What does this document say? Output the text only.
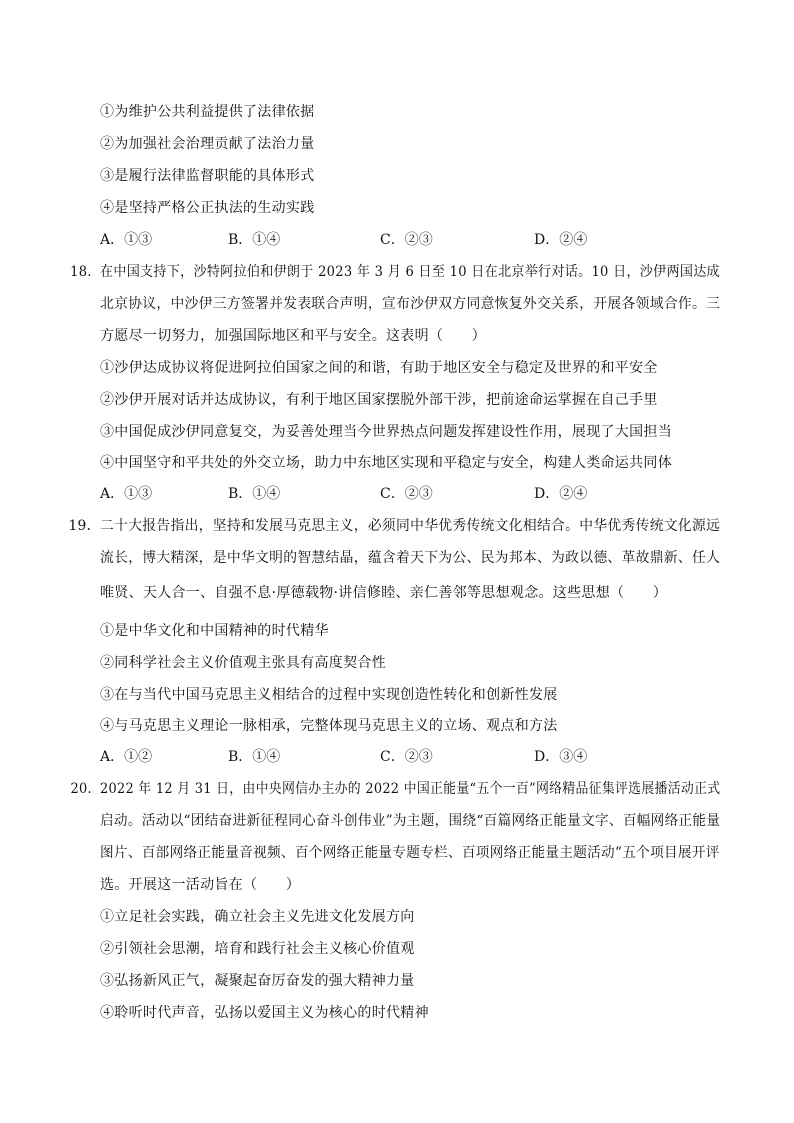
①为维护公共利益提供了法律依据
②为加强社会治理贡献了法治力量
③是履行法律监督职能的具体形式
④是坚持严格公正执法的生动实践
A．①③	B．①④	C．②③	D．②④
18． 在中国支持下，沙特阿拉伯和伊朗于 2023 年 3 月 6 日至 10 日在北京举行对话。10 日，沙伊两国达成
北京协议，中沙伊三方签署并发表联合声明，宣布沙伊双方同意恢复外交关系，开展各领域合作。三
方愿尽一切努力，加强国际地区和平与安全。这表明（　　）
①沙伊达成协议将促进阿拉伯国家之间的和谐，有助于地区安全与稳定及世界的和平安全
②沙伊开展对话并达成协议，有利于地区国家摆脱外部干涉，把前途命运掌握在自己手里
③中国促成沙伊同意复交，为妥善处理当今世界热点问题发挥建设性作用，展现了大国担当
④中国坚守和平共处的外交立场，助力中东地区实现和平稳定与安全，构建人类命运共同体
A．①③	B．①④	C．②③	D．②④
19． 二十大报告指出，坚持和发展马克思主义，必须同中华优秀传统文化相结合。中华优秀传统文化源远
流长，博大精深，是中华文明的智慧结晶，蕴含着天下为公、民为邦本、为政以德、革故鼎新、任人
唯贤、天人合一、自强不息·厚德载物·讲信修睦、亲仁善邻等思想观念。这些思想（　　）
①是中华文化和中国精神的时代精华
②同科学社会主义价值观主张具有高度契合性
③在与当代中国马克思主义相结合的过程中实现创造性转化和创新性发展
④与马克思主义理论一脉相承，完整体现马克思主义的立场、观点和方法
A．①②	B．①④	C．②③	D．③④
20． 2022 年 12 月 31 日，由中央网信办主办的 2022 中国正能量“五个一百”网络精品征集评选展播活动正式
启动。活动以“团结奋进新征程同心奋斗创伟业”为主题，围绕“百篇网络正能量文字、百幅网络正能量
图片、百部网络正能量音视频、百个网络正能量专题专栏、百项网络正能量主题活动”五个项目展开评
选。开展这一活动旨在（　　）
①立足社会实践，确立社会主义先进文化发展方向
②引领社会思潮，培育和践行社会主义核心价值观
③弘扬新风正气，凝聚起奋厉奋发的强大精神力量
④聆听时代声音，弘扬以爱国主义为核心的时代精神
